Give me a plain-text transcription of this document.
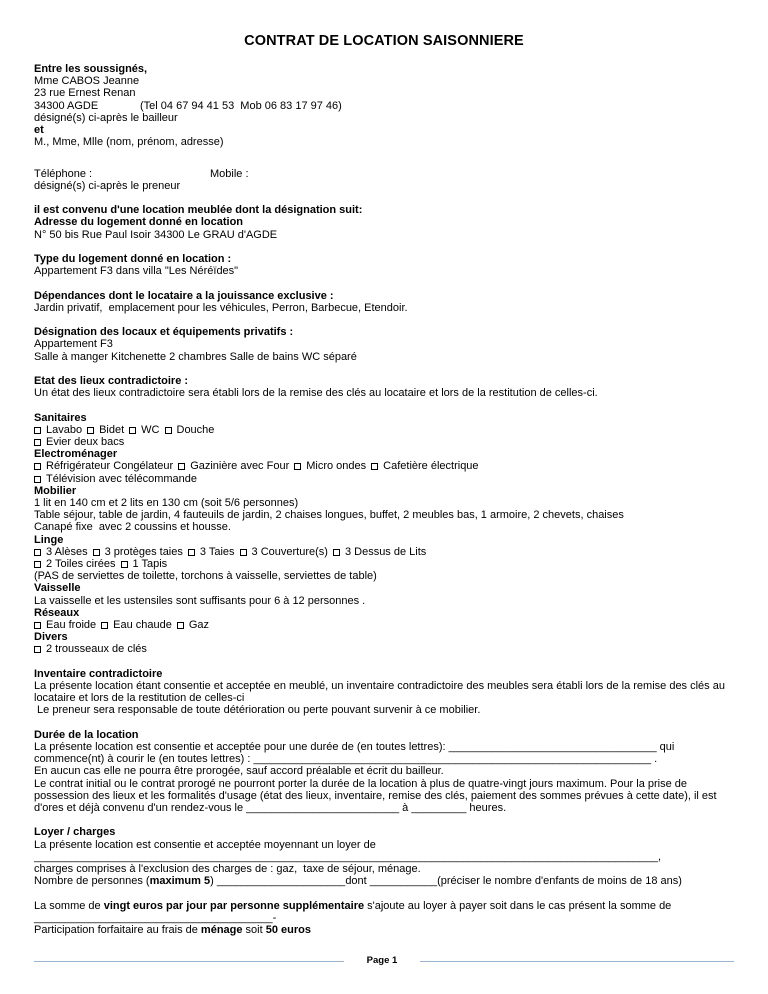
CONTRAT DE LOCATION SAISONNIERE
Entre les soussignés,
Mme CABOS Jeanne
23 rue Ernest Renan
34300 AGDE	(Tel 04 67 94 41 53  Mob 06 83 17 97 46)
désigné(s) ci-après le bailleur
et
M., Mme, Mlle (nom, prénom, adresse)
Téléphone :	Mobile :
désigné(s) ci-après le preneur
il est convenu d'une location meublée dont la désignation suit:
Adresse du logement donné en location
N° 50 bis Rue Paul Isoir 34300 Le GRAU d'AGDE
Type du logement donné en location :
Appartement F3 dans villa "Les Néréïdes"
Dépendances dont le locataire a la jouissance exclusive :
Jardin privatif,  emplacement pour les véhicules, Perron, Barbecue, Etendoir.
Désignation des locaux et équipements privatifs :
Appartement F3
Salle à manger Kitchenette 2 chambres Salle de bains WC séparé
Etat des lieux contradictoire :
Un état des lieux contradictoire sera établi lors de la remise des clés au locataire et lors de la restitution de celles-ci.
Sanitaires
Lavabo Bidet WC Douche
Evier deux bacs
Electroménager
Réfrigérateur Congélateur Gazinière avec Four Micro ondes Cafetière électrique
Télévision avec télécommande
Mobilier
1 lit en 140 cm et 2 lits en 130 cm (soit 5/6 personnes)
Table séjour, table de jardin, 4 fauteuils de jardin, 2 chaises longues, buffet, 2 meubles bas, 1 armoire, 2 chevets, chaises
Canapé fixe  avec 2 coussins et housse.
Linge
3 Alèses 3 protèges taies 3 Taies 3 Couverture(s) 3 Dessus de Lits
2 Toiles cirées 1 Tapis
(PAS de serviettes de toilette, torchons à vaisselle, serviettes de table)
Vaisselle
La vaisselle et les ustensiles sont suffisants pour 6 à 12 personnes .
Réseaux
Eau froide Eau chaude Gaz
Divers
2 trousseaux de clés
Inventaire contradictoire
La présente location étant consentie et acceptée en meublé, un inventaire contradictoire des meubles sera établi lors de la remise des clés au locataire et lors de la restitution de celles-ci
Le preneur sera responsable de toute détérioration ou perte pouvant survenir à ce mobilier.
Durée de la location
La présente location est consentie et acceptée pour une durée de (en toutes lettres): __________________________________ qui
commence(nt) à courir le (en toutes lettres) : _________________________________________________________________ .
En aucun cas elle ne pourra être prorogée, sauf accord préalable et écrit du bailleur.
Le contrat initial ou le contrat prorogé ne pourront porter la durée de la location à plus de quatre-vingt jours maximum. Pour la prise de possession des lieux et les formalités d'usage (état des lieux, inventaire, remise des clés, paiement des sommes prévues à cette date), il est d'ores et déjà convenu d'un rendez-vous le _________________________ à _________ heures.
Loyer / charges
La présente location est consentie et acceptée moyennant un loyer de
______________________________________________________________________________________________________,
charges comprises à l'exclusion des charges de : gaz,  taxe de séjour, ménage.
Nombre de personnes (maximum 5) _____________________dont ___________(préciser le nombre d'enfants de moins de 18 ans)
La somme de vingt euros par jour par personne supplémentaire s'ajoute au loyer à payer soit dans le cas présent la somme de
_______________________________________-
Participation forfaitaire au frais de ménage soit 50 euros
Page 1
